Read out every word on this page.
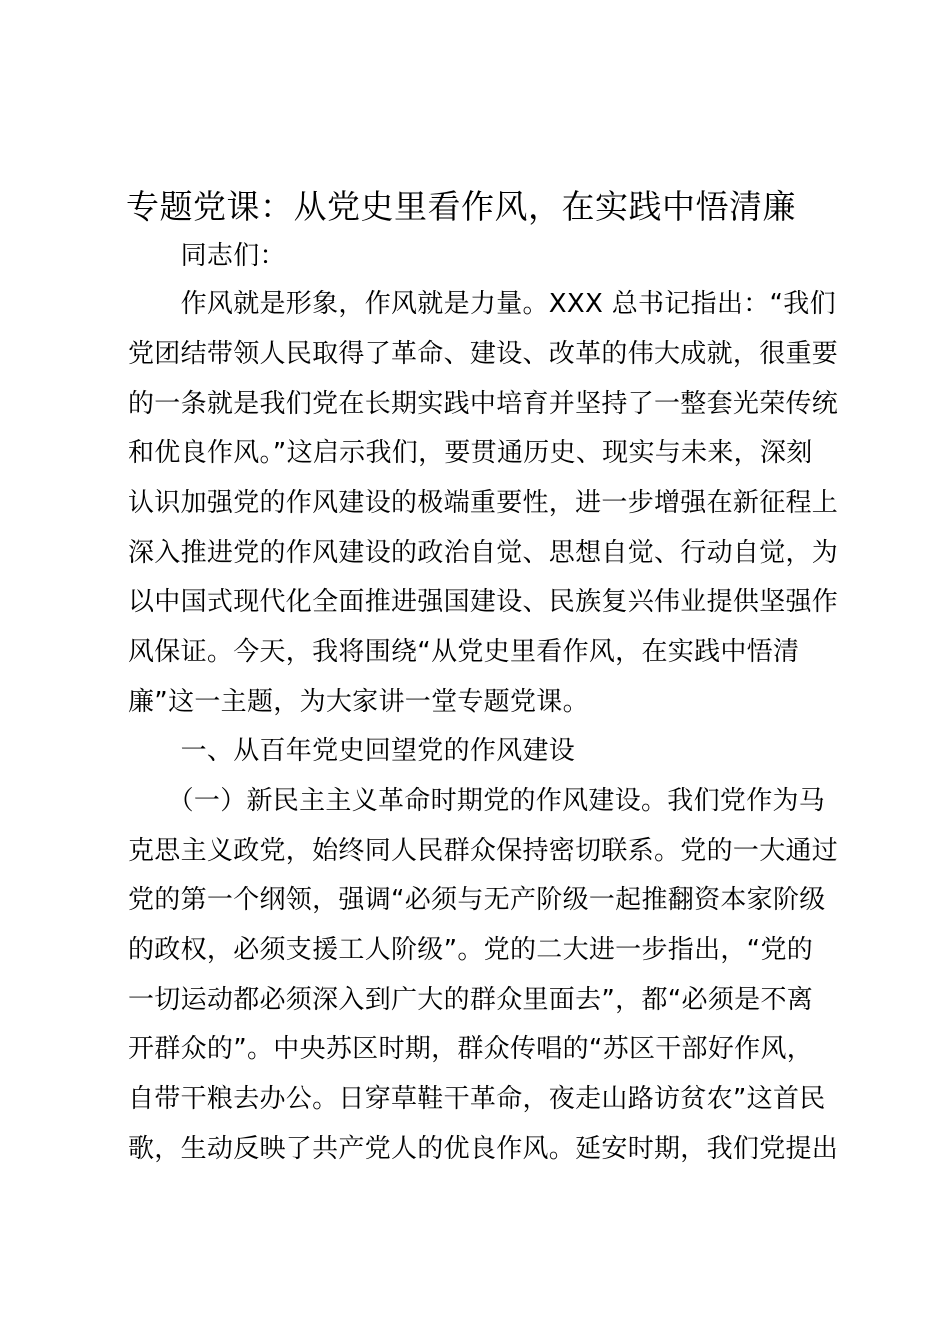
专题党课：从党史里看作风，在实践中悟清廉
　　同志们：
　　作风就是形象，作风就是力量。XXX 总书记指出：“我们
党团结带领人民取得了革命、建设、改革的伟大成就，很重要
的一条就是我们党在长期实践中培育并坚持了一整套光荣传统
和优良作风。”这启示我们，要贯通历史、现实与未来，深刻
认识加强党的作风建设的极端重要性，进一步增强在新征程上
深入推进党的作风建设的政治自觉、思想自觉、行动自觉，为
以中国式现代化全面推进强国建设、民族复兴伟业提供坚强作
风保证。今天，我将围绕“从党史里看作风，在实践中悟清
廉”这一主题，为大家讲一堂专题党课。
　　一、从百年党史回望党的作风建设
　　（一）新民主主义革命时期党的作风建设。我们党作为马
克思主义政党，始终同人民群众保持密切联系。党的一大通过
党的第一个纲领，强调“必须与无产阶级一起推翻资本家阶级
的政权，必须支援工人阶级”。党的二大进一步指出，“党的
一切运动都必须深入到广大的群众里面去”，都“必须是不离
开群众的”。中央苏区时期，群众传唱的“苏区干部好作风，
自带干粮去办公。日穿草鞋干革命，夜走山路访贫农”这首民
歌，生动反映了共产党人的优良作风。延安时期，我们党提出
